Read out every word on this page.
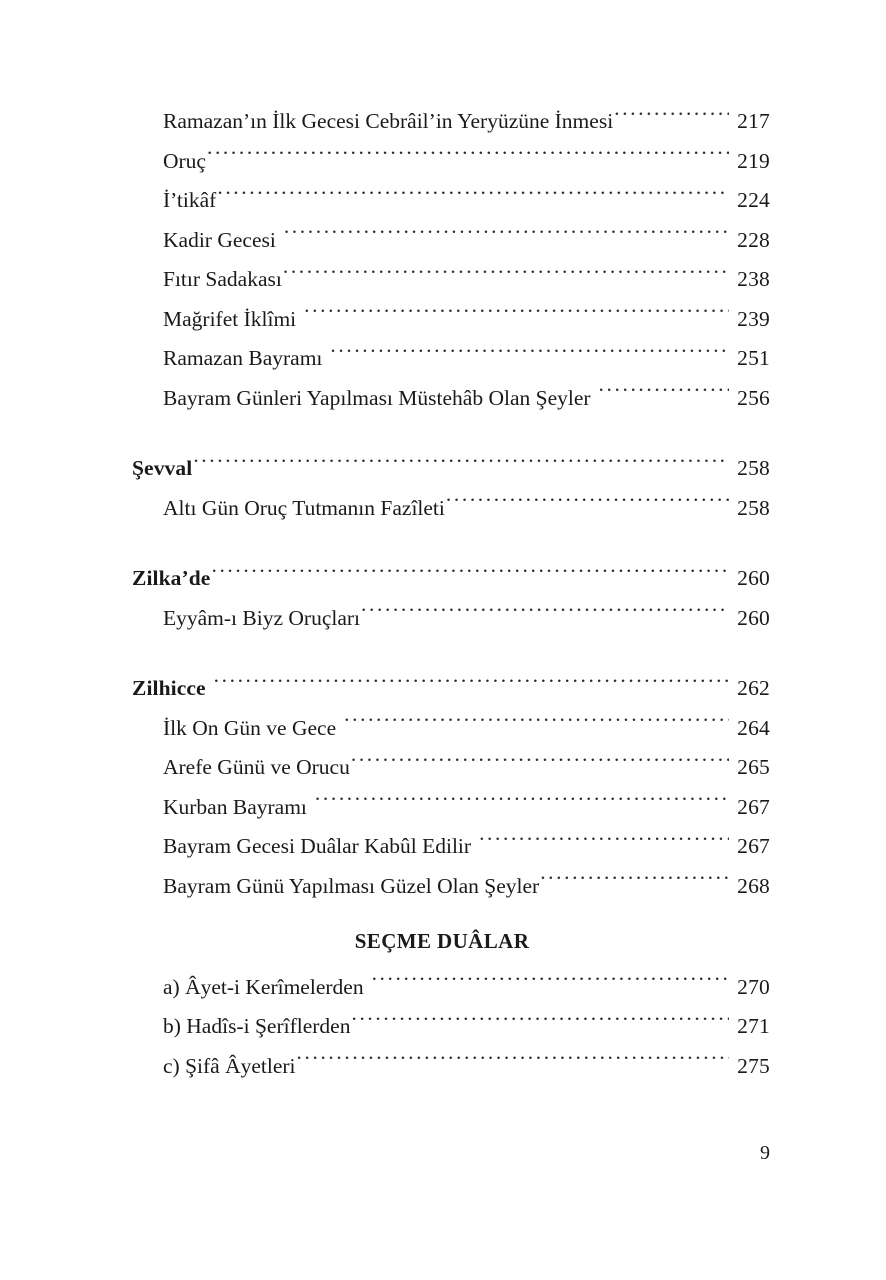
Ramazan’ın İlk Gecesi Cebrâil’in Yeryüzüne İnmesi .....	217
Oruç .....	219
İ’tikâf .....	224
Kadir Gecesi .....	228
Fıtır Sadakası .....	238
Mağrifet İklîmi .....	239
Ramazan Bayramı .....	251
Bayram Günleri Yapılması Müstehâb Olan Şeyler .....	256
Şevval .....	258
Altı Gün Oruç Tutmanın Fazîleti .....	258
Zilka’de .....	260
Eyyâm-ı Biyz Oruçları .....	260
Zilhicce .....	262
İlk On Gün ve Gece .....	264
Arefe Günü ve Orucu .....	265
Kurban Bayramı .....	267
Bayram Gecesi Duâlar Kabûl Edilir .....	267
Bayram Günü Yapılması Güzel Olan Şeyler .....	268
SEÇME DUÂLAR
a) Âyet-i Kerîmelerden .....	270
b) Hadîs-i Şerîflerden .....	271
c) Şifâ Âyetleri .....	275
9
